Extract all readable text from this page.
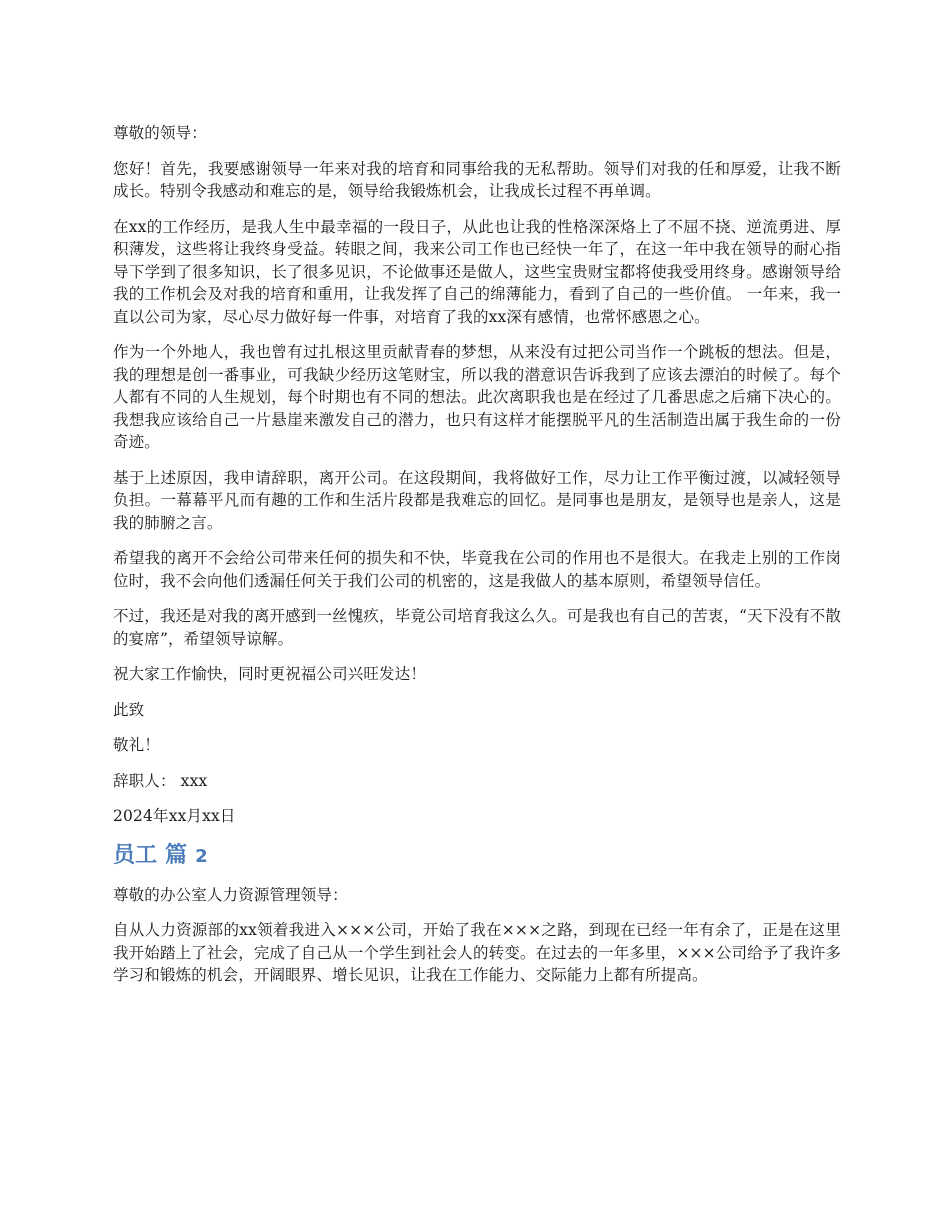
尊敬的领导：

您好！首先，我要感谢领导一年来对我的培育和同事给我的无私帮助。领导们对我的任和厚爱，让我不断成长。特别令我感动和难忘的是，领导给我锻炼机会，让我成长过程不再单调。

在xx的工作经历，是我人生中最幸福的一段日子，从此也让我的性格深深烙上了不屈不挠、逆流勇进、厚积薄发，这些将让我终身受益。转眼之间，我来公司工作也已经快一年了，在这一年中我在领导的耐心指导下学到了很多知识，长了很多见识，不论做事还是做人，这些宝贵财宝都将使我受用终身。感谢领导给我的工作机会及对我的培育和重用，让我发挥了自己的绵薄能力，看到了自己的一些价值。 一年来，我一直以公司为家，尽心尽力做好每一件事，对培育了我的xx深有感情，也常怀感恩之心。

作为一个外地人，我也曾有过扎根这里贡献青春的梦想，从来没有过把公司当作一个跳板的想法。但是，我的理想是创一番事业，可我缺少经历这笔财宝，所以我的潜意识告诉我到了应该去漂泊的时候了。每个人都有不同的人生规划，每个时期也有不同的想法。此次离职我也是在经过了几番思虑之后痛下决心的。我想我应该给自己一片悬崖来激发自己的潜力，也只有这样才能摆脱平凡的生活制造出属于我生命的一份奇迹。

基于上述原因，我申请辞职，离开公司。在这段期间，我将做好工作，尽力让工作平衡过渡，以减轻领导负担。一幕幕平凡而有趣的工作和生活片段都是我难忘的回忆。是同事也是朋友，是领导也是亲人，这是我的肺腑之言。

希望我的离开不会给公司带来任何的损失和不快，毕竟我在公司的作用也不是很大。在我走上别的工作岗位时，我不会向他们透漏任何关于我们公司的机密的，这是我做人的基本原则，希望领导信任。

不过，我还是对我的离开感到一丝愧疚，毕竟公司培育我这么久。可是我也有自己的苦衷，“天下没有不散的宴席”，希望领导谅解。

祝大家工作愉快，同时更祝福公司兴旺发达！

此致

敬礼！

辞职人： xxx

2024年xx月xx日

员工 篇 2

尊敬的办公室人力资源管理领导：

自从人力资源部的xx领着我进入×××公司，开始了我在×××之路，到现在已经一年有余了，正是在这里我开始踏上了社会，完成了自己从一个学生到社会人的转变。在过去的一年多里，×××公司给予了我许多学习和锻炼的机会，开阔眼界、增长见识，让我在工作能力、交际能力上都有所提高。
